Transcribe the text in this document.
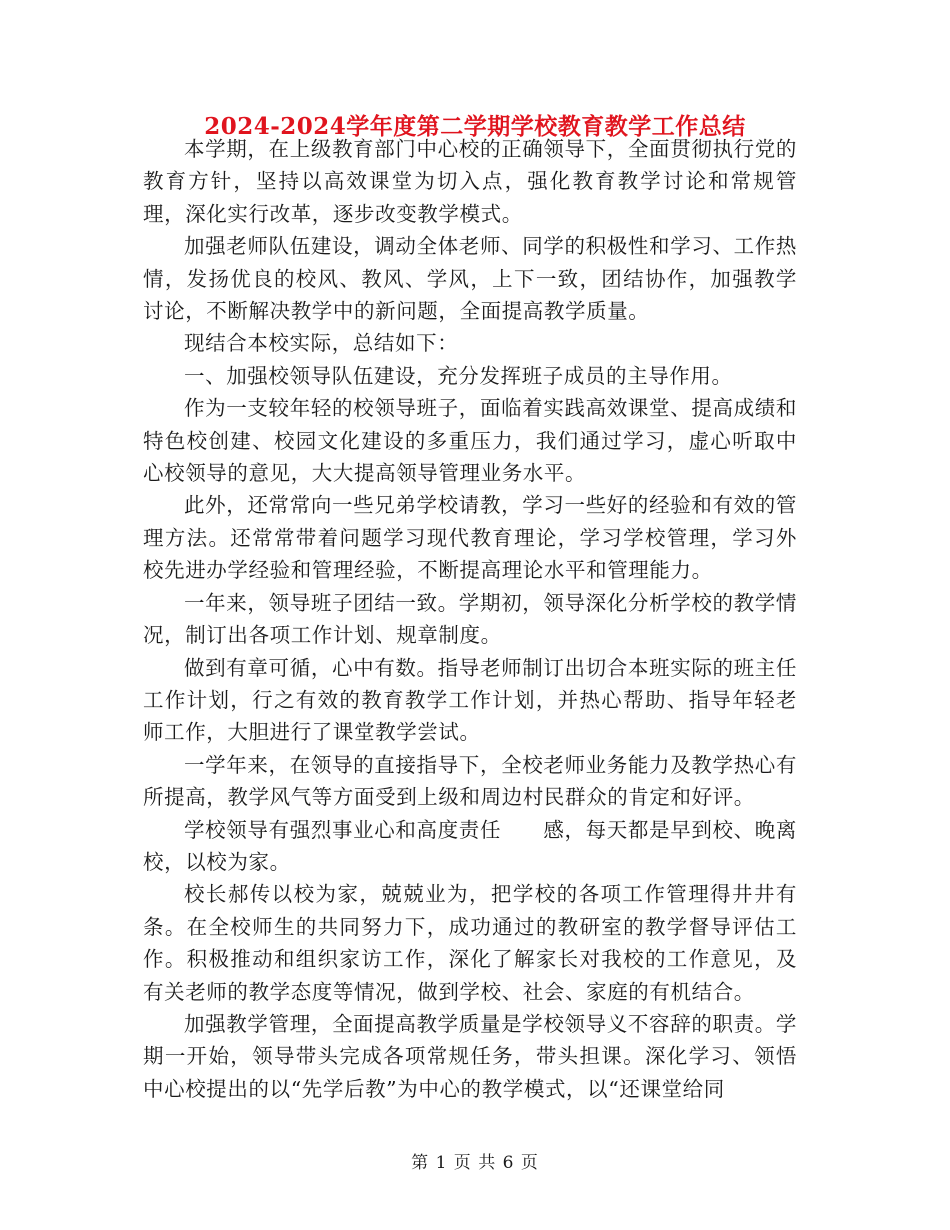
2024-2024学年度第二学期学校教育教学工作总结

本学期，在上级教育部门中心校的正确领导下，全面贯彻执行党的教育方针，坚持以高效课堂为切入点，强化教育教学讨论和常规管理，深化实行改革，逐步改变教学模式。

加强老师队伍建设，调动全体老师、同学的积极性和学习、工作热情，发扬优良的校风、教风、学风，上下一致，团结协作，加强教学讨论，不断解决教学中的新问题，全面提高教学质量。

现结合本校实际，总结如下：

一、加强校领导队伍建设，充分发挥班子成员的主导作用。

作为一支较年轻的校领导班子，面临着实践高效课堂、提高成绩和特色校创建、校园文化建设的多重压力，我们通过学习，虚心听取中心校领导的意见，大大提高领导管理业务水平。

此外，还常常向一些兄弟学校请教，学习一些好的经验和有效的管理方法。还常常带着问题学习现代教育理论，学习学校管理，学习外校先进办学经验和管理经验，不断提高理论水平和管理能力。

一年来，领导班子团结一致。学期初，领导深化分析学校的教学情况，制订出各项工作计划、规章制度。

做到有章可循，心中有数。指导老师制订出切合本班实际的班主任工作计划，行之有效的教育教学工作计划，并热心帮助、指导年轻老师工作，大胆进行了课堂教学尝试。

一学年来，在领导的直接指导下，全校老师业务能力及教学热心有所提高，教学风气等方面受到上级和周边村民群众的肯定和好评。

学校领导有强烈事业心和高度责任　　感，每天都是早到校、晚离校，以校为家。

校长郝传以校为家，兢兢业为，把学校的各项工作管理得井井有条。在全校师生的共同努力下，成功通过的教研室的教学督导评估工作。积极推动和组织家访工作，深化了解家长对我校的工作意见，及有关老师的教学态度等情况，做到学校、社会、家庭的有机结合。

加强教学管理，全面提高教学质量是学校领导义不容辞的职责。学期一开始，领导带头完成各项常规任务，带头担课。深化学习、领悟中心校提出的以“先学后教”为中心的教学模式，以“还课堂给同

第 1 页 共 6 页
